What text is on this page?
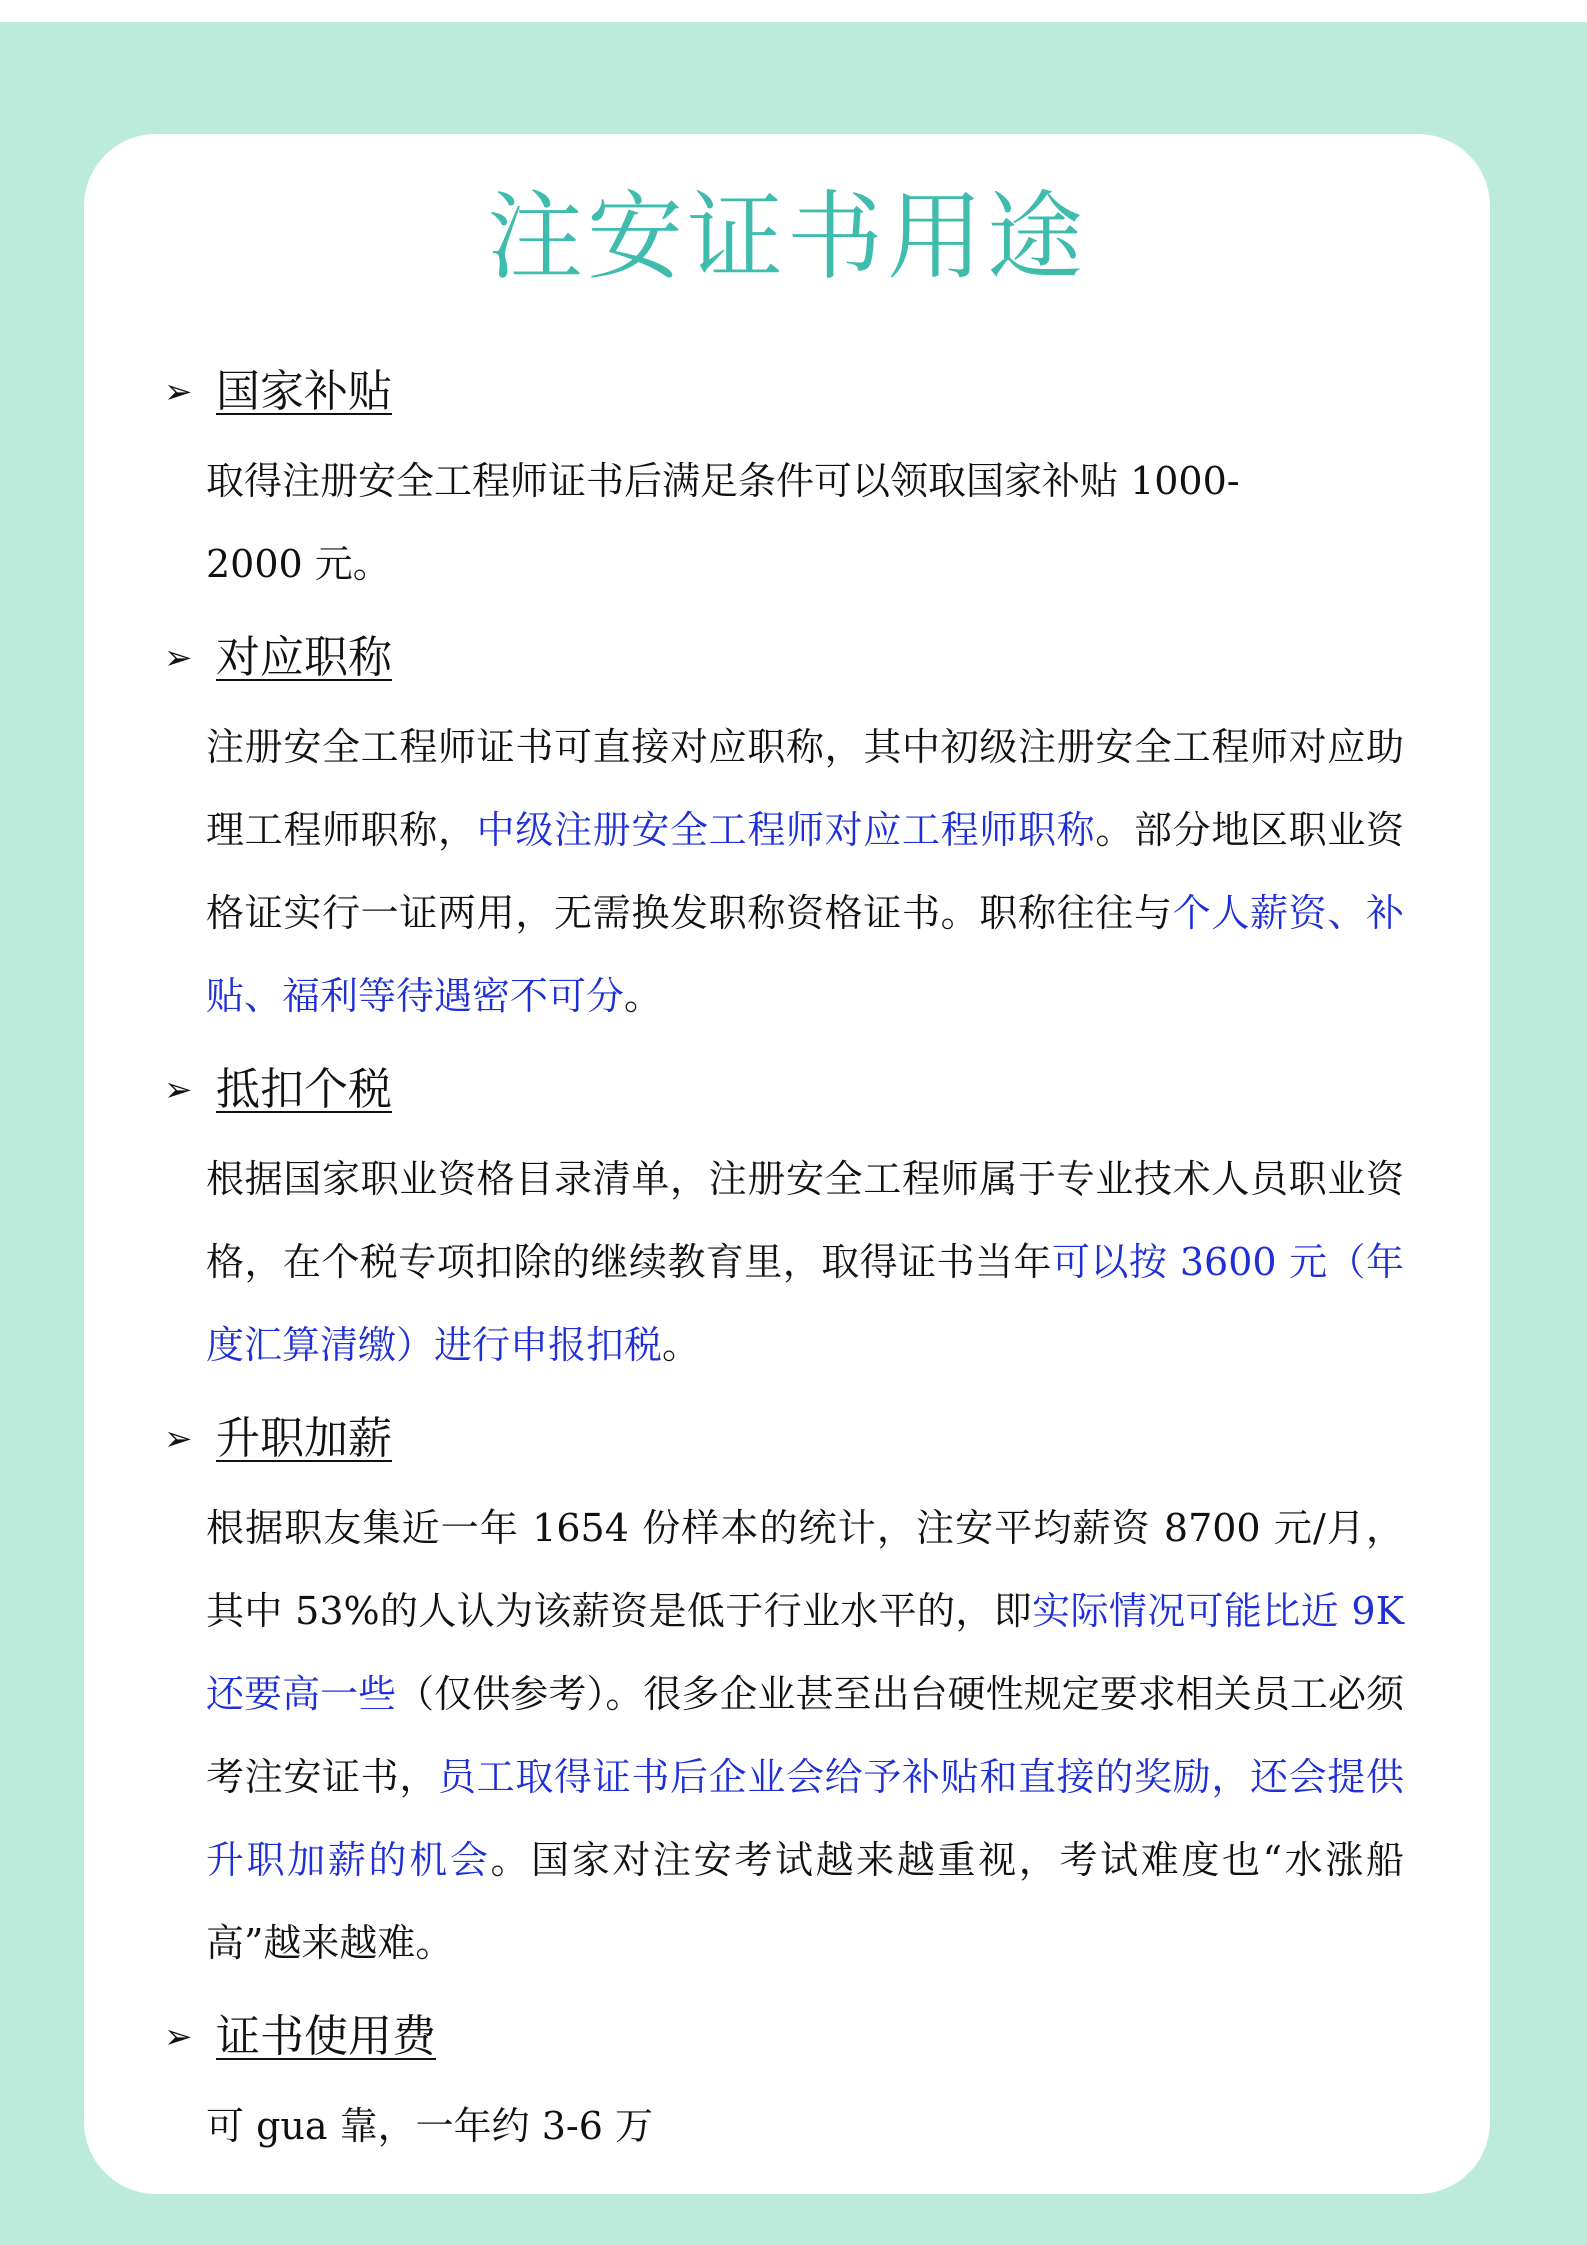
注安证书用途
➢ 国家补贴

取得注册安全工程师证书后满足条件可以领取国家补贴 1000-2000 元。

➢ 对应职称

注册安全工程师证书可直接对应职称，其中初级注册安全工程师对应助理工程师职称，中级注册安全工程师对应工程师职称。部分地区职业资格证实行一证两用，无需换发职称资格证书。职称往往与个人薪资、补贴、福利等待遇密不可分。

➢ 抵扣个税

根据国家职业资格目录清单，注册安全工程师属于专业技术人员职业资格，在个税专项扣除的继续教育里，取得证书当年可以按 3600 元（年度汇算清缴）进行申报扣税。

➢ 升职加薪

根据职友集近一年 1654 份样本的统计，注安平均薪资 8700 元/月，其中 53%的人认为该薪资是低于行业水平的，即实际情况可能比近 9K 还要高一些（仅供参考）。很多企业甚至出台硬性规定要求相关员工必须考注安证书，员工取得证书后企业会给予补贴和直接的奖励，还会提供升职加薪的机会。国家对注安考试越来越重视，考试难度也“水涨船高”越来越难。

➢ 证书使用费

可 gua 靠，一年约 3-6 万
